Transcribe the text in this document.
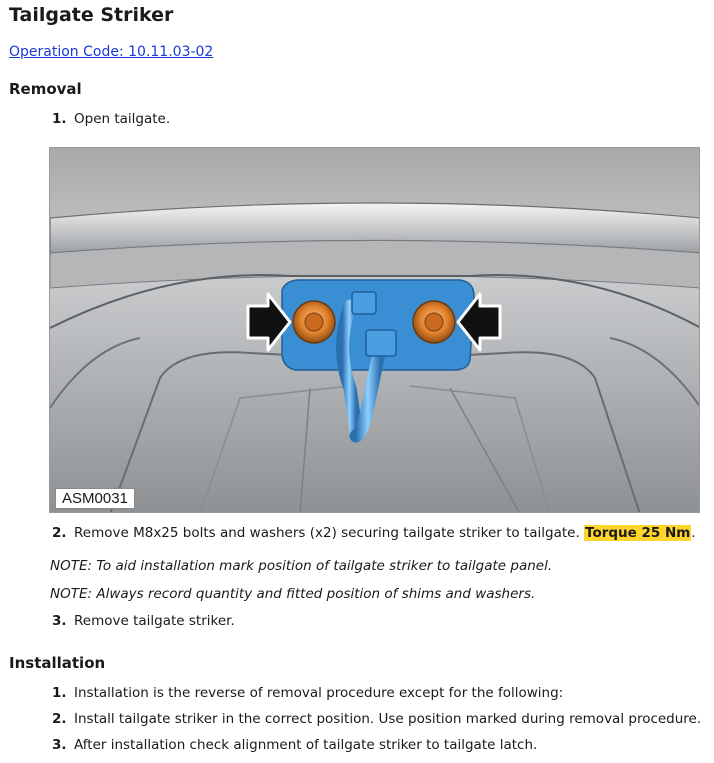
Tailgate Striker
Operation Code: 10.11.03-02
Removal
1. Open tailgate.
ASM0031
2. Remove M8x25 bolts and washers (x2) securing tailgate striker to tailgate. Torque 25 Nm.
NOTE: To aid installation mark position of tailgate striker to tailgate panel.
NOTE: Always record quantity and fitted position of shims and washers.
3. Remove tailgate striker.
Installation
1. Installation is the reverse of removal procedure except for the following:
2. Install tailgate striker in the correct position. Use position marked during removal procedure.
3. After installation check alignment of tailgate striker to tailgate latch.
